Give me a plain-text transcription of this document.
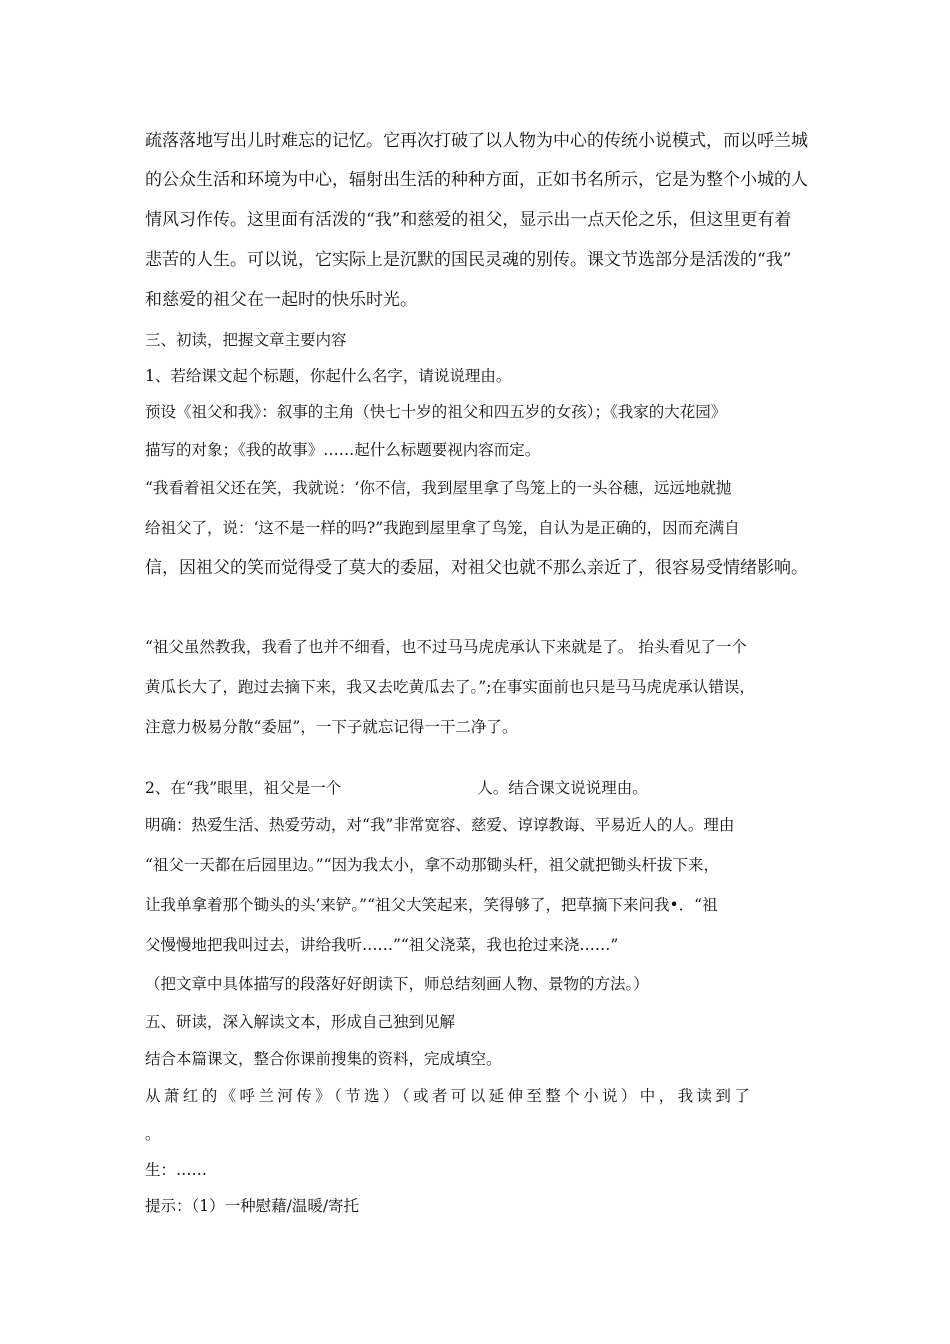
疏落落地写出儿时难忘的记忆。它再次打破了以人物为中心的传统小说模式，而以呼兰城
的公众生活和环境为中心，辐射出生活的种种方面，正如书名所示，它是为整个小城的人
情风习作传。这里面有活泼的“我”和慈爱的祖父，显示出一点天伦之乐，但这里更有着
悲苦的人生。可以说，它实际上是沉默的国民灵魂的别传。课文节选部分是活泼的“我”
和慈爱的祖父在一起时的快乐时光。
三、初读，把握文章主要内容
1、若给课文起个标题，你起什么名字，请说说理由。
预设《祖父和我》：叙事的主角（快七十岁的祖父和四五岁的女孩）；《我家的大花园》
描写的对象；《我的故事》……起什么标题要视内容而定。
“我看着祖父还在笑，我就说：‘你不信，我到屋里拿了鸟笼上的一头谷穗，远远地就抛
给祖父了，说：‘这不是一样的吗?”我跑到屋里拿了鸟笼，自认为是正确的，因而充满自
信，因祖父的笑而觉得受了莫大的委屈，对祖父也就不那么亲近了，很容易受情绪影响。
“祖父虽然教我，我看了也并不细看，也不过马马虎虎承认下来就是了。 抬头看见了一个
黄瓜长大了，跑过去摘下来，我又去吃黄瓜去了。”;在事实面前也只是马马虎虎承认错误，
注意力极易分散“委屈”，一下子就忘记得一干二净了。
2、在“我”眼里，祖父是一个	人。结合课文说说理由。
明确：热爱生活、热爱劳动，对“我”非常宽容、慈爱、谆谆教诲、平易近人的人。理由
“祖父一天都在后园里边。”“因为我太小，拿不动那锄头杆，祖父就把锄头杆拔下来，
让我单拿着那个锄头的头’来铲。”“祖父大笑起来，笑得够了，把草摘下来问我•．“祖
父慢慢地把我叫过去，讲给我听……”“祖父浇菜，我也抢过来浇……”
（把文章中具体描写的段落好好朗读下，师总结刻画人物、景物的方法。）
五、研读，深入解读文本，形成自己独到见解
结合本篇课文，整合你课前搜集的资料，完成填空。
从萧红的《呼兰河传》（节选）（或者可以延伸至整个小说）中，我读到了
。
生：……
提示：（1）一种慰藉/温暖/寄托
